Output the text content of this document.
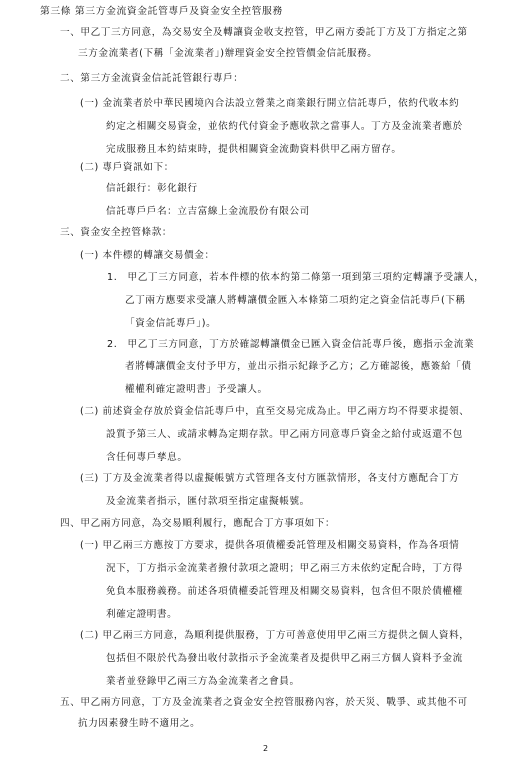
第三條 第三方金流資金託管專戶及資金安全控管服務
一、甲乙丁三方同意，為交易安全及轉讓資金收支控管，甲乙兩方委託丁方及丁方指定之第
三方金流業者(下稱「金流業者」)辦理資金安全控管價金信託服務。
二、第三方金流資金信託託管銀行專戶：
(一) 金流業者於中華民國境內合法設立營業之商業銀行開立信託專戶，依約代收本約
約定之相關交易資金，並依約代付資金予應收款之當事人。丁方及金流業者應於
完成服務且本約結束時，提供相關資金流動資料供甲乙兩方留存。
(二) 專戶資訊如下：
信託銀行：彰化銀行
信託專戶戶名：立吉富線上金流股份有限公司
三、資金安全控管條款：
(一) 本件標的轉讓交易價金：
1.　甲乙丁三方同意，若本件標的依本約第二條第一項到第三項約定轉讓予受讓人，
乙丁兩方應要求受讓人將轉讓價金匯入本條第二項約定之資金信託專戶(下稱
「資金信託專戶」)。
2.　甲乙丁三方同意，丁方於確認轉讓價金已匯入資金信託專戶後，應指示金流業
者將轉讓價金支付予甲方，並出示指示紀錄予乙方；乙方確認後，應簽給「債
權權利確定證明書」予受讓人。
(二) 前述資金存放於資金信託專戶中，直至交易完成為止。甲乙兩方均不得要求提領、
設質予第三人、或請求轉為定期存款。甲乙兩方同意專戶資金之給付或返還不包
含任何專戶孳息。
(三) 丁方及金流業者得以虛擬帳號方式管理各支付方匯款情形，各支付方應配合丁方
及金流業者指示，匯付款項至指定虛擬帳號。
四、甲乙兩方同意，為交易順利履行，應配合丁方事項如下：
(一) 甲乙兩三方應按丁方要求，提供各項債權委託管理及相關交易資料，作為各項情
況下，丁方指示金流業者撥付款項之證明；甲乙兩三方未依約定配合時，丁方得
免負本服務義務。前述各項債權委託管理及相關交易資料，包含但不限於債權權
利確定證明書。
(二) 甲乙兩三方同意，為順利提供服務，丁方可善意使用甲乙兩三方提供之個人資料，
包括但不限於代為發出收付款指示予金流業者及提供甲乙兩三方個人資料予金流
業者並登錄甲乙兩三方為金流業者之會員。
五、甲乙兩方同意，丁方及金流業者之資金安全控管服務內容，於天災、戰爭、或其他不可
抗力因素發生時不適用之。
2
